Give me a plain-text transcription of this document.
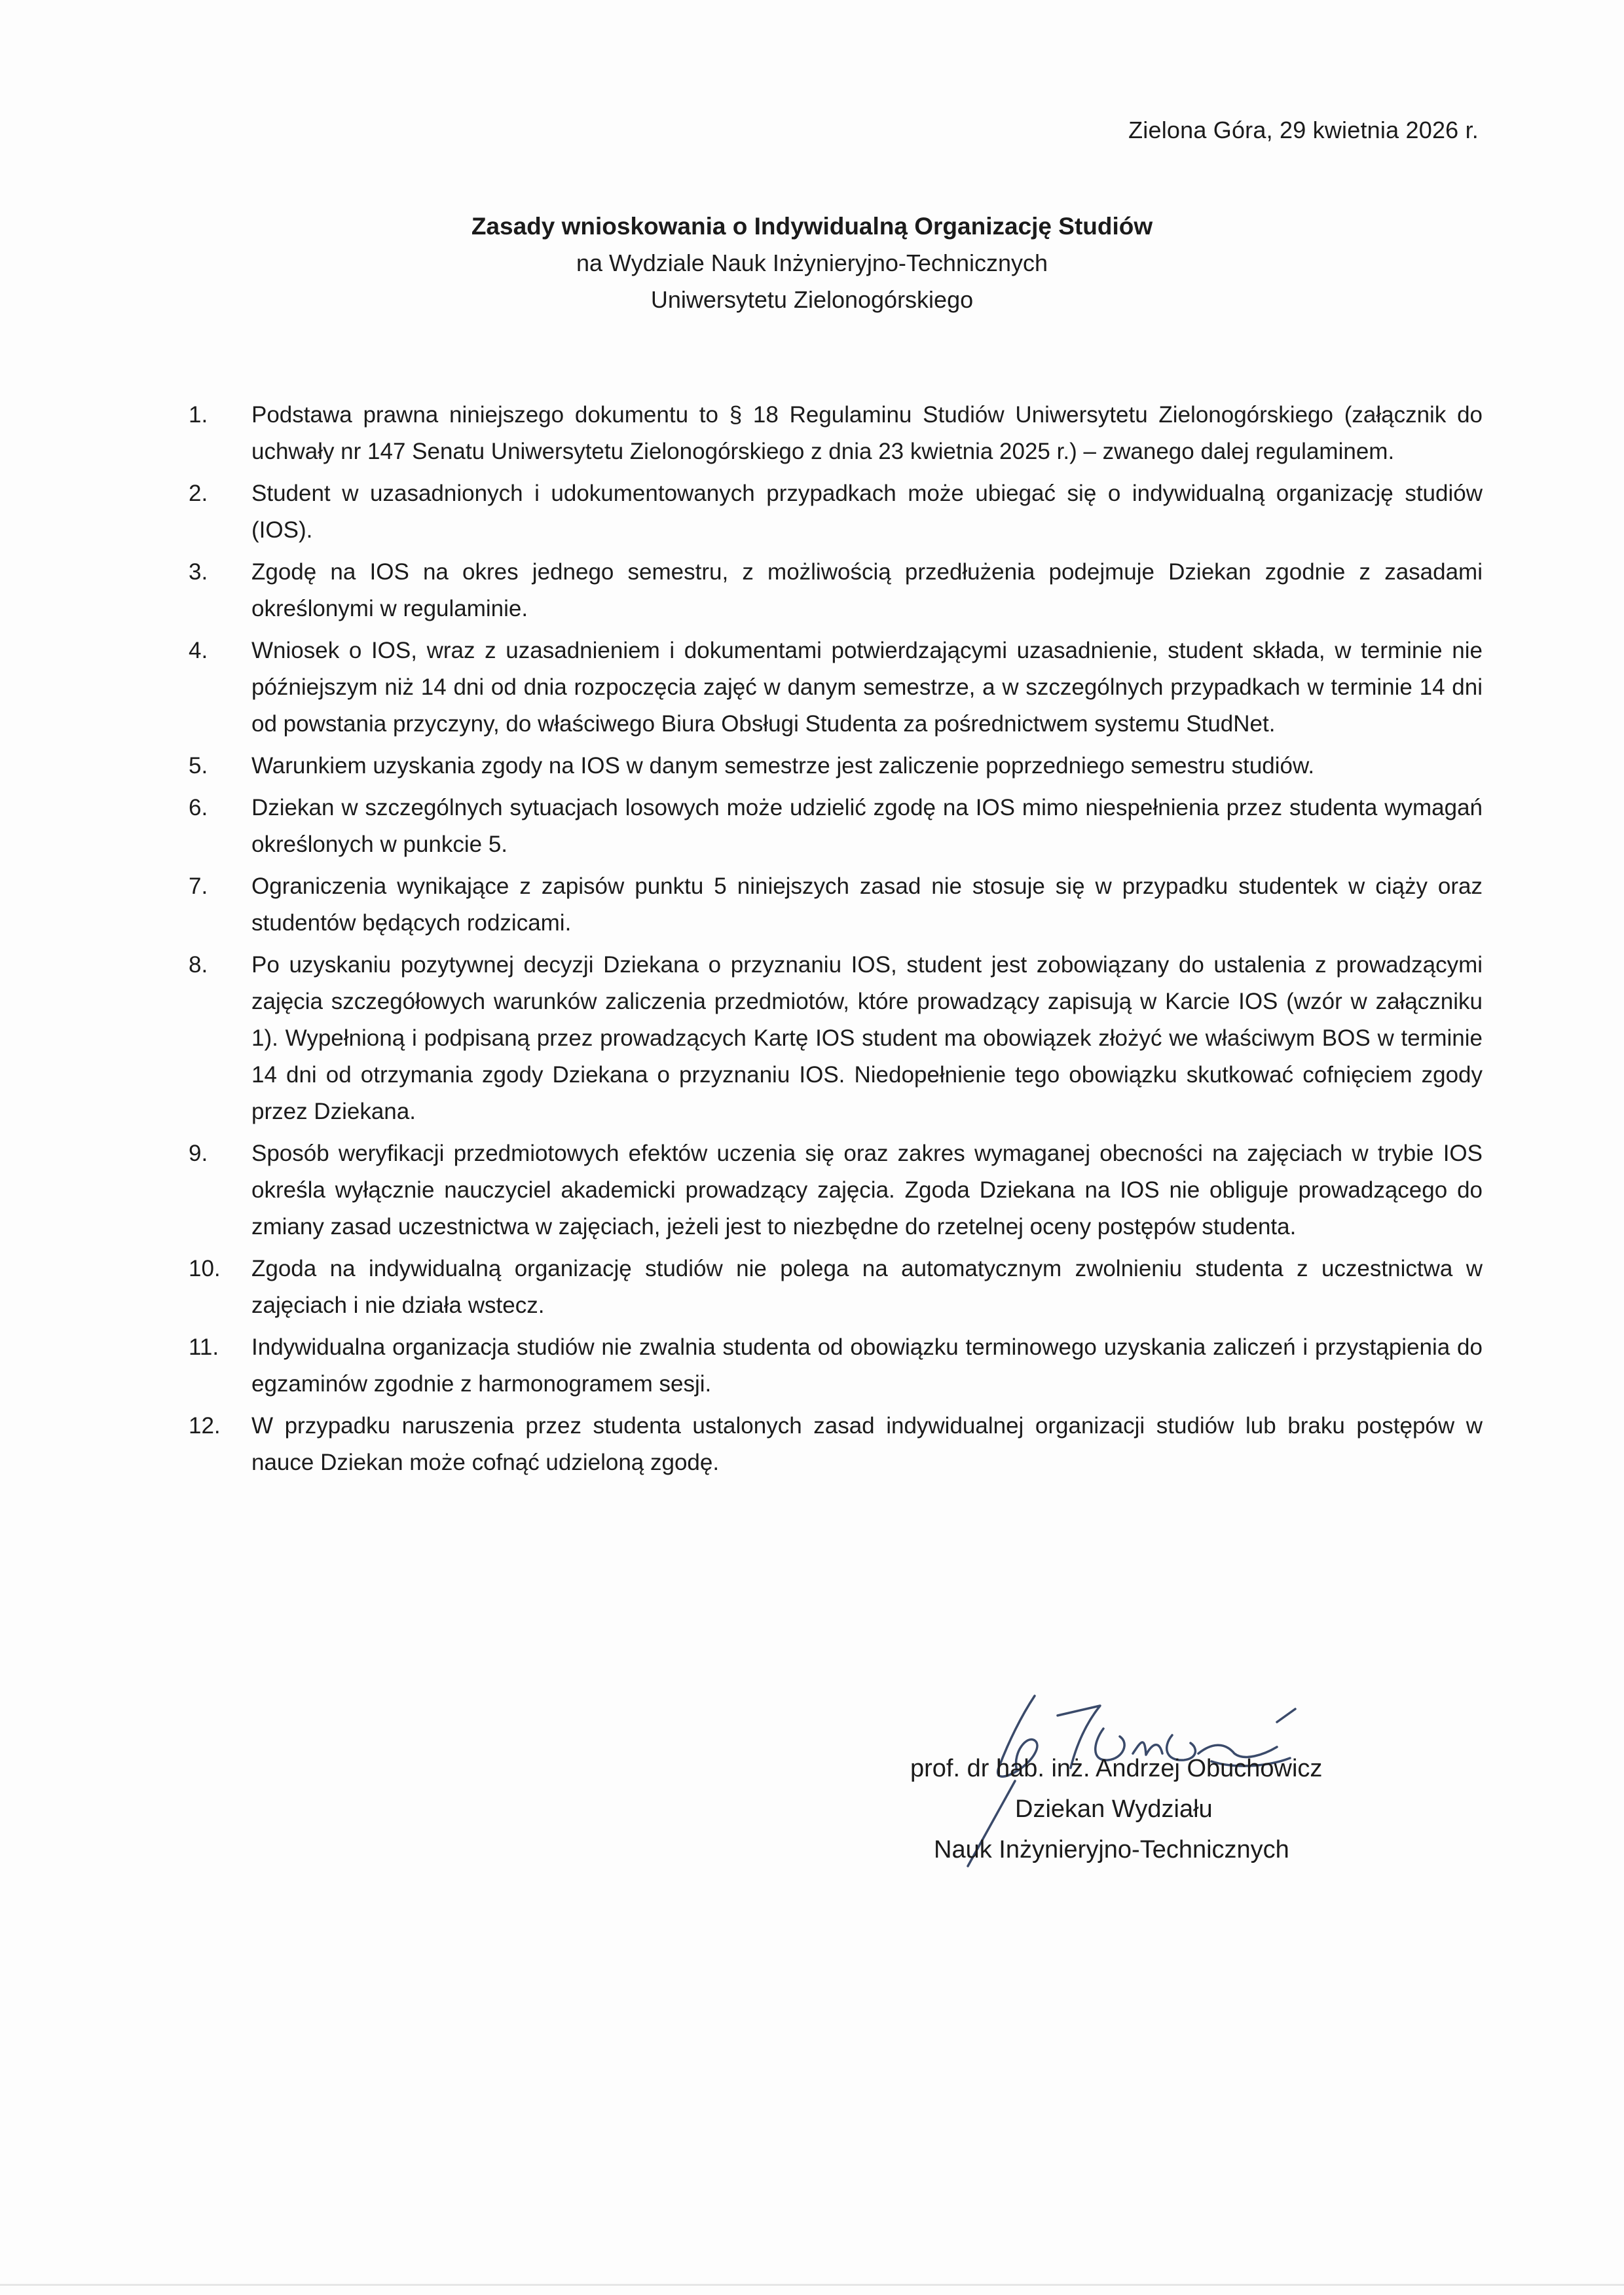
Zielona Góra, 29 kwietnia 2026 r.
Zasady wnioskowania o Indywidualną Organizację Studiów
na Wydziale Nauk Inżynieryjno-Technicznych
Uniwersytetu Zielonogórskiego
1.	Podstawa prawna niniejszego dokumentu to § 18 Regulaminu Studiów Uniwersytetu Zielonogórskiego (załącznik do uchwały nr 147 Senatu Uniwersytetu Zielonogórskiego z dnia 23 kwietnia 2025 r.) – zwanego dalej regulaminem.
2.	Student w uzasadnionych i udokumentowanych przypadkach może ubiegać się o indywidualną organizację studiów (IOS).
3.	Zgodę na IOS na okres jednego semestru, z możliwością przedłużenia podejmuje Dziekan zgodnie z zasadami określonymi w regulaminie.
4.	Wniosek o IOS, wraz z uzasadnieniem i dokumentami potwierdzającymi uzasadnienie, student składa, w terminie nie późniejszym niż 14 dni od dnia rozpoczęcia zajęć w danym semestrze, a w szczególnych przypadkach w terminie 14 dni od powstania przyczyny, do właściwego Biura Obsługi Studenta za pośrednictwem systemu StudNet.
5.	Warunkiem uzyskania zgody na IOS w danym semestrze jest zaliczenie poprzedniego semestru studiów.
6.	Dziekan w szczególnych sytuacjach losowych może udzielić zgodę na IOS mimo niespełnienia przez studenta wymagań określonych w punkcie 5.
7.	Ograniczenia wynikające z zapisów punktu 5 niniejszych zasad nie stosuje się w przypadku studentek w ciąży oraz studentów będących rodzicami.
8.	Po uzyskaniu pozytywnej decyzji Dziekana o przyznaniu IOS, student jest zobowiązany do ustalenia z prowadzącymi zajęcia szczegółowych warunków zaliczenia przedmiotów, które prowadzący zapisują w Karcie IOS (wzór w załączniku 1). Wypełnioną i podpisaną przez prowadzących Kartę IOS student ma obowiązek złożyć we właściwym BOS w terminie 14 dni od otrzymania zgody Dziekana o przyznaniu IOS. Niedopełnienie tego obowiązku skutkować cofnięciem zgody przez Dziekana.
9.	Sposób weryfikacji przedmiotowych efektów uczenia się oraz zakres wymaganej obecności na zajęciach w trybie IOS określa wyłącznie nauczyciel akademicki prowadzący zajęcia. Zgoda Dziekana na IOS nie obliguje prowadzącego do zmiany zasad uczestnictwa w zajęciach, jeżeli jest to niezbędne do rzetelnej oceny postępów studenta.
10.	Zgoda na indywidualną organizację studiów nie polega na automatycznym zwolnieniu studenta z uczestnictwa w zajęciach i nie działa wstecz.
11.	Indywidualna organizacja studiów nie zwalnia studenta od obowiązku terminowego uzyskania zaliczeń i przystąpienia do egzaminów zgodnie z harmonogramem sesji.
12.	W przypadku naruszenia przez studenta ustalonych zasad indywidualnej organizacji studiów lub braku postępów w nauce Dziekan może cofnąć udzieloną zgodę.
prof. dr hab. inż. Andrzej Obuchowicz
Dziekan Wydziału
Nauk Inżynieryjno-Technicznych
